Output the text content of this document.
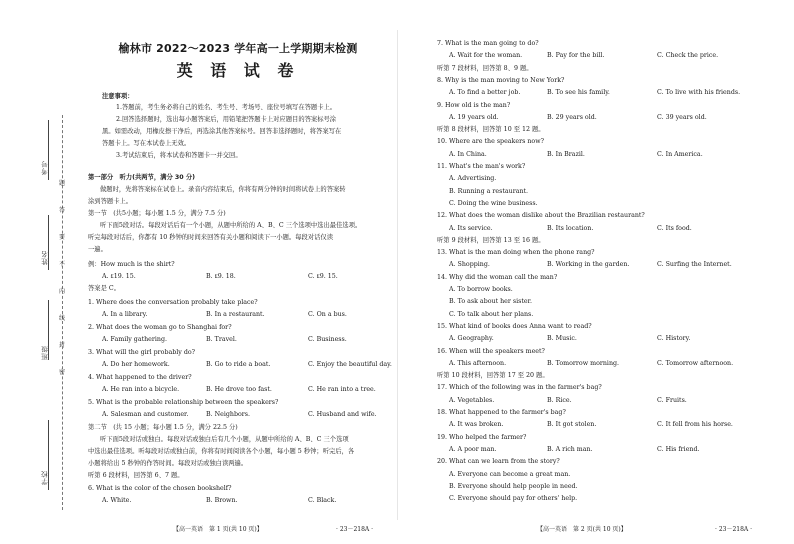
考号
姓名
班级
学校
题
答
要
不
内
线
封
密
榆林市 2022～2023 学年高一上学期期末检测
英 语 试 卷
注意事项：
1.答题前，考生务必将自己的姓名、考生号、考场号、座位号填写在答题卡上。
2.回答选择题时，选出每小题答案后，用铅笔把答题卡上对应题目的答案标号涂
黑。如需改动，用橡皮擦干净后，再选涂其他答案标号。回答非选择题时，将答案写在
答题卡上。写在本试卷上无效。
3.考试结束后，将本试卷和答题卡一并交回。
第一部分　听力(共两节，满分 30 分)
做题时，先将答案标在试卷上。录音内容结束后，你将有两分钟的时间将试卷上的答案转
涂到答题卡上。
第一节　(共5小题；每小题 1.5 分，满分 7.5 分)
听下面5段对话。每段对话后有一个小题，从题中所给的 A、B、C 三个选项中选出最佳选项。
听完每段对话后，你都有 10 秒钟的时间来回答有关小题和阅读下一小题。每段对话仅读
一遍。
例：How much is the shirt?
A. ₤19. 15.	B. ₤9. 18.	C. ₤9. 15.
答案是 C。
1. Where does the conversation probably take place?
A. In a library.	B. In a restaurant.	C. On a bus.
2. What does the woman go to Shanghai for?
A. Family gathering.	B. Travel.	C. Business.
3. What will the girl probably do?
A. Do her homework.	B. Go to ride a boat.	C. Enjoy the beautiful day.
4. What happened to the driver?
A. He ran into a bicycle.	B. He drove too fast.	C. He ran into a tree.
5. What is the probable relationship between the speakers?
A. Salesman and customer.	B. Neighbors.	C. Husband and wife.
第二节　(共 15 小题；每小题 1.5 分，满分 22.5 分)
听下面5段对话或独白。每段对话或独白后有几个小题，从题中所给的 A、B、C 三个选项
中选出最佳选项。听每段对话或独白前，你将有时间阅读各个小题，每小题 5 秒钟；听完后，各
小题将给出 5 秒钟的作答时间。每段对话或独白读两遍。
听第 6 段材料，回答第 6、7 题。
6. What is the color of the chosen bookshelf?
A. White.	B. Brown.	C. Black.
【高一英语　第 1 页(共 10 页)】	· 23－218A ·
7. What is the man going to do?
A. Wait for the woman.	B. Pay for the bill.	C. Check the price.
听第 7 段材料，回答第 8、9 题。
8. Why is the man moving to New York?
A. To find a better job.	B. To see his family.	C. To live with his friends.
9. How old is the man?
A. 19 years old.	B. 29 years old.	C. 39 years old.
听第 8 段材料，回答第 10 至 12 题。
10. Where are the speakers now?
A. In China.	B. In Brazil.	C. In America.
11. What's the man's work?
A. Advertising.
B. Running a restaurant.
C. Doing the wine business.
12. What does the woman dislike about the Brazilian restaurant?
A. Its service.	B. Its location.	C. Its food.
听第 9 段材料，回答第 13 至 16 题。
13. What is the man doing when the phone rang?
A. Shopping.	B. Working in the garden.	C. Surfing the Internet.
14. Why did the woman call the man?
A. To borrow books.
B. To ask about her sister.
C. To talk about her plans.
15. What kind of books does Anna want to read?
A. Geography.	B. Music.	C. History.
16. When will the speakers meet?
A. This afternoon.	B. Tomorrow morning.	C. Tomorrow afternoon.
听第 10 段材料，回答第 17 至 20 题。
17. Which of the following was in the farmer's bag?
A. Vegetables.	B. Rice.	C. Fruits.
18. What happened to the farmer's bag?
A. It was broken.	B. It got stolen.	C. It fell from his horse.
19. Who helped the farmer?
A. A poor man.	B. A rich man.	C. His friend.
20. What can we learn from the story?
A. Everyone can become a great man.
B. Everyone should help people in need.
C. Everyone should pay for others' help.
【高一英语　第 2 页(共 10 页)】	· 23－218A ·
